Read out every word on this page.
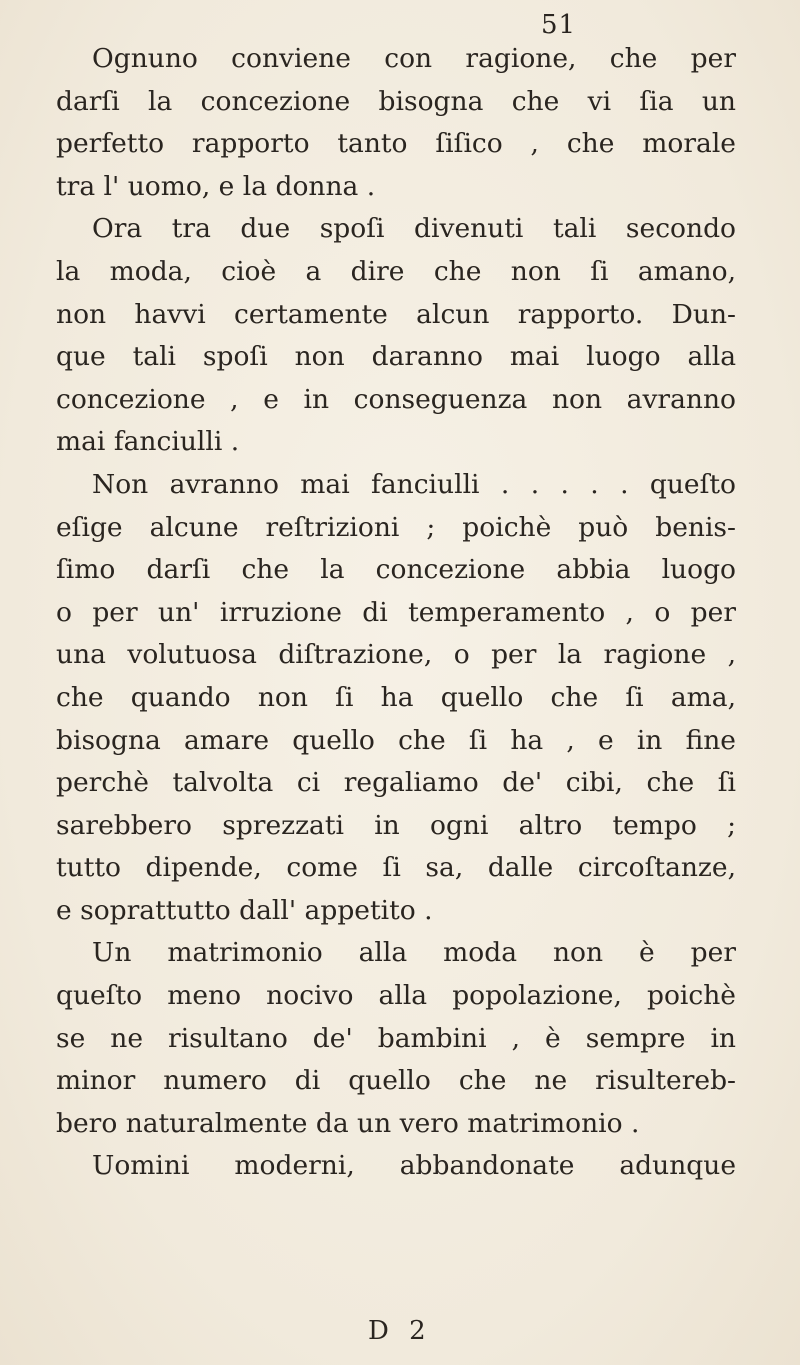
51
Ognuno conviene con ragione, che per
darſi la concezione bisogna che vi ſia un
perfetto rapporto tanto ſiſico , che morale
tra l' uomo, e la donna .
Ora tra due spoſi divenuti tali secondo
la moda, cioè a dire che non ſi amano,
non havvi certamente alcun rapporto. Dun-
que tali spoſi non daranno mai luogo alla
concezione , e in conseguenza non avranno
mai fanciulli .
Non avranno mai fanciulli . . . . . queſto
eſige alcune reſtrizioni ; poichè può benis-
ſimo darſi che la concezione abbia luogo
o per un' irruzione di temperamento , o per
una volutuosa diſtrazione, o per la ragione ,
che quando non ſi ha quello che ſi ama,
bisogna amare quello che ſi ha , e in fine
perchè talvolta ci regaliamo de' cibi, che ſi
sarebbero sprezzati in ogni altro tempo ;
tutto dipende, come ſi sa, dalle circoſtanze,
e soprattutto dall' appetito .
Un matrimonio alla moda non è per
queſto meno nocivo alla popolazione, poichè
se ne risultano de' bambini , è sempre in
minor numero di quello che ne risultereb-
bero naturalmente da un vero matrimonio .
Uomini moderni, abbandonate adunque
D 2
